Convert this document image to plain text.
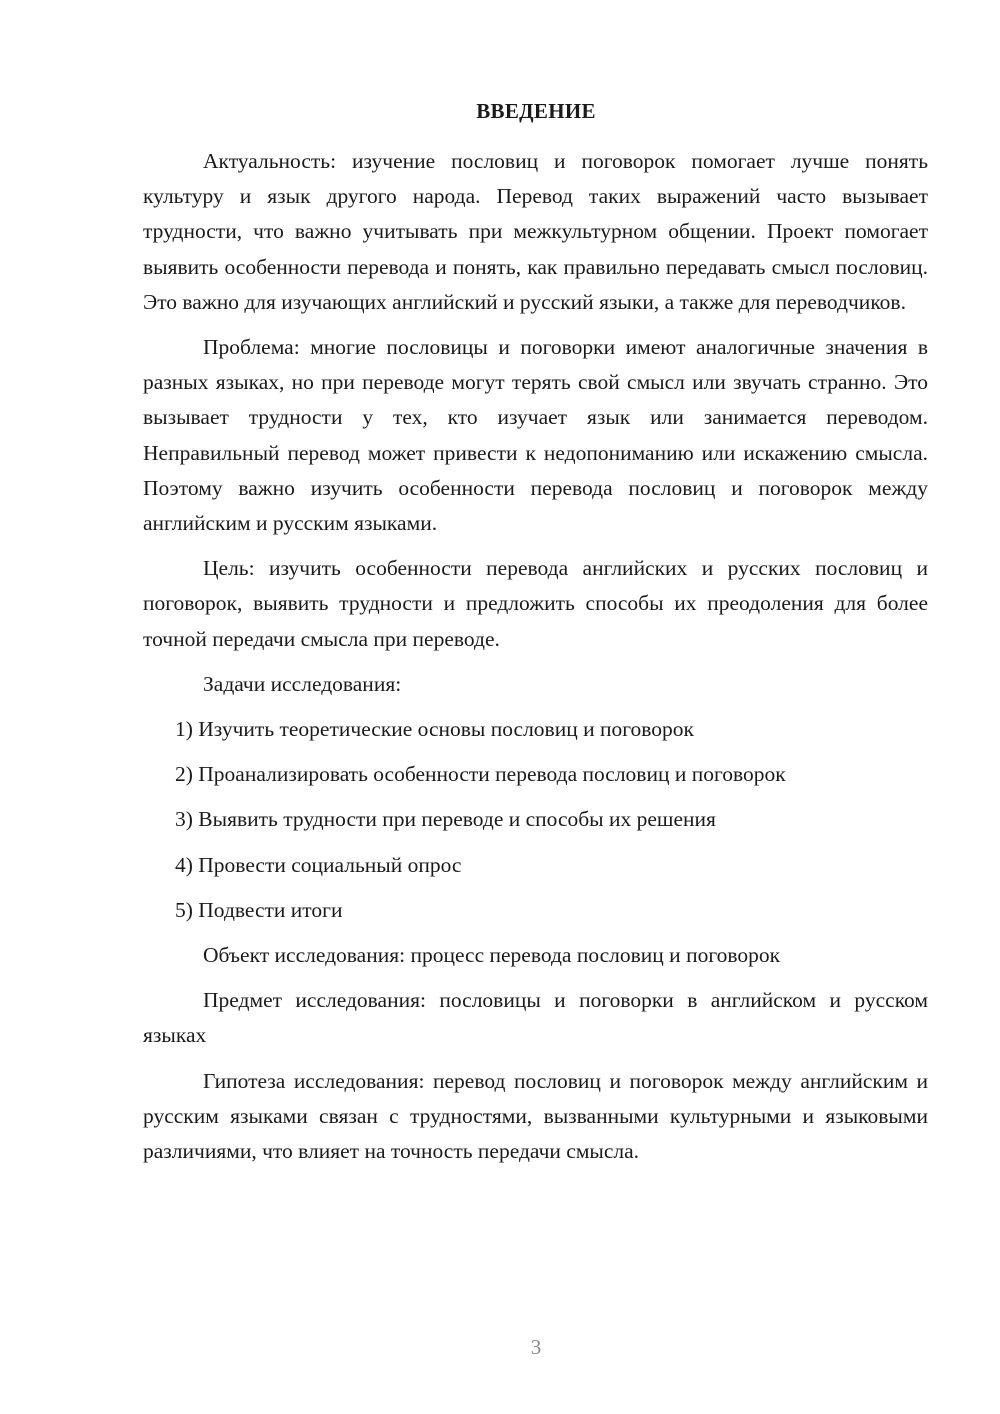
ВВЕДЕНИЕ

Актуальность: изучение пословиц и поговорок помогает лучше понять культуру и язык другого народа. Перевод таких выражений часто вызывает трудности, что важно учитывать при межкультурном общении. Проект помогает выявить особенности перевода и понять, как правильно передавать смысл пословиц. Это важно для изучающих английский и русский языки, а также для переводчиков.

Проблема: многие пословицы и поговорки имеют аналогичные значения в разных языках, но при переводе могут терять свой смысл или звучать странно. Это вызывает трудности у тех, кто изучает язык или занимается переводом. Неправильный перевод может привести к недопониманию или искажению смысла. Поэтому важно изучить особенности перевода пословиц и поговорок между английским и русским языками.

Цель: изучить особенности перевода английских и русских пословиц и поговорок, выявить трудности и предложить способы их преодоления для более точной передачи смысла при переводе.

Задачи исследования:

1) Изучить теоретические основы пословиц и поговорок
2) Проанализировать особенности перевода пословиц и поговорок
3) Выявить трудности при переводе и способы их решения
4) Провести социальный опрос
5) Подвести итоги

Объект исследования: процесс перевода пословиц и поговорок

Предмет исследования: пословицы и поговорки в английском и русском языках

Гипотеза исследования: перевод пословиц и поговорок между английским и русским языками связан с трудностями, вызванными культурными и языковыми различиями, что влияет на точность передачи смысла.

3
